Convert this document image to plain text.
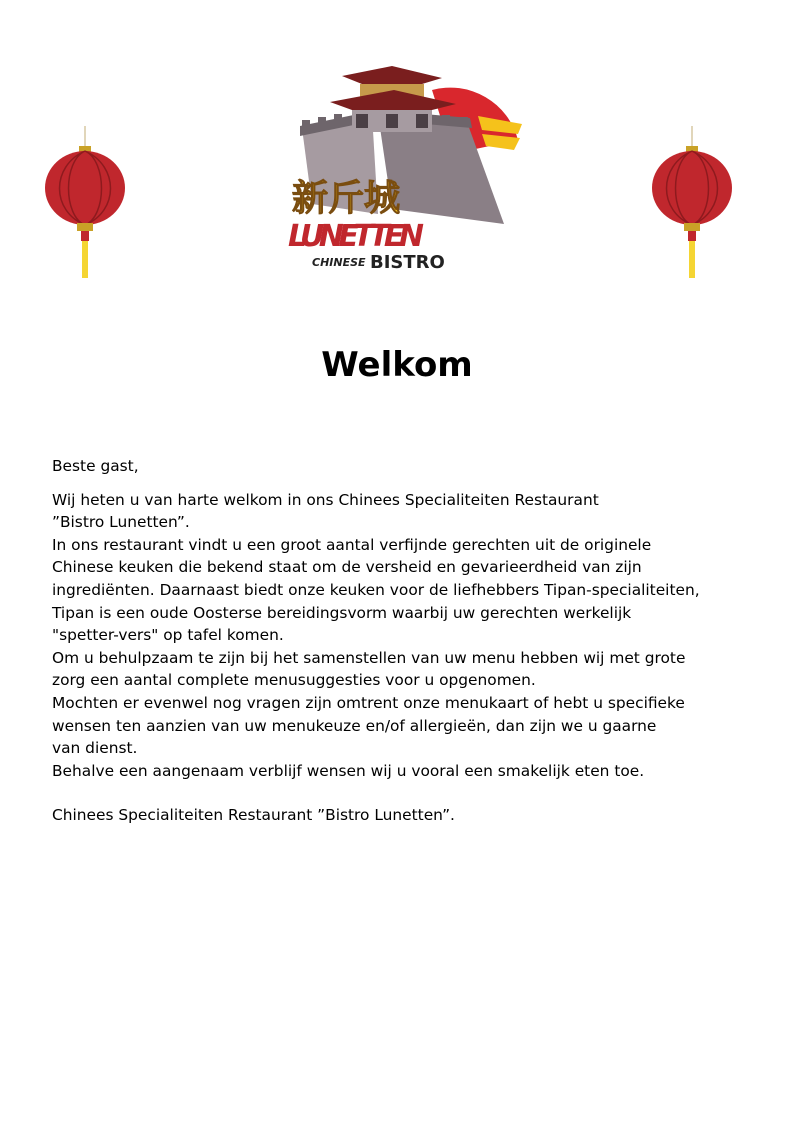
新斤城
LUNETTEN
CHINESE BISTRO
Welkom

Beste gast,

Wij heten u van harte welkom in ons Chinees Specialiteiten Restaurant

”Bistro Lunetten”.

In ons restaurant vindt u een groot aantal verfijnde gerechten uit de originele

Chinese keuken die bekend staat om de versheid en gevarieerdheid van zijn

ingrediënten. Daarnaast biedt onze keuken voor de liefhebbers Tipan-specialiteiten,

Tipan is een oude Oosterse bereidingsvorm waarbij uw gerechten werkelijk

"spetter-vers" op tafel komen.

Om u behulpzaam te zijn bij het samenstellen van uw menu hebben wij met grote

zorg een aantal complete menusuggesties voor u opgenomen.

Mochten er evenwel nog vragen zijn omtrent onze menukaart of hebt u specifieke

wensen ten aanzien van uw menukeuze en/of allergieën, dan zijn we u gaarne

van dienst.

Behalve een aangenaam verblijf wensen wij u vooral een smakelijk eten toe.

Chinees Specialiteiten Restaurant ”Bistro Lunetten”.
